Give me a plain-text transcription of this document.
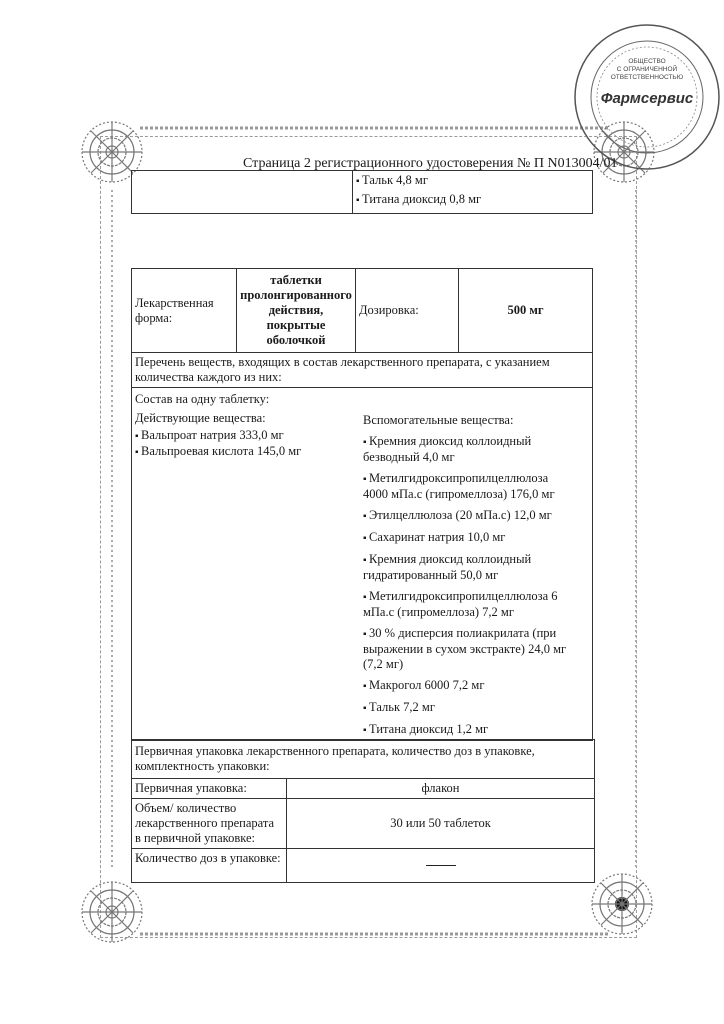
ОБЩЕСТВО
С ОГРАНИЧЕННОЙ
ОТВЕТСТВЕННОСТЬЮ
Фармсервис
Страница 2 регистрационного удостоверения № П N013004/01

▪ Тальк 4,8 мг
▪ Титана диоксид 0,8 мг
Лекарственная форма:	таблетки пролонгированного действия, покрытые оболочкой	Дозировка:	500 мг
Перечень веществ, входящих в состав лекарственного препарата, с указанием количества каждого из них:

Состав на одну таблетку:
Действующие вещества:
▪ Вальпроат натрия 333,0 мг
▪ Вальпроевая кислота 145,0 мг
Вспомогательные вещества:
▪ Кремния диоксид коллоидный безводный 4,0 мг
▪ Метилгидроксипропилцеллюлоза 4000 мПа.с (гипромеллоза) 176,0 мг
▪ Этилцеллюлоза (20 мПа.с) 12,0 мг
▪ Сахаринат натрия 10,0 мг
▪ Кремния диоксид коллоидный гидратированный 50,0 мг
▪ Метилгидроксипропилцеллюлоза 6 мПа.с (гипромеллоза) 7,2 мг
▪ 30 % дисперсия полиакрилата (при выражении в сухом экстракте) 24,0 мг (7,2 мг)
▪ Макрогол 6000 7,2 мг
▪ Тальк 7,2 мг
▪ Титана диоксид 1,2 мг
Первичная упаковка лекарственного препарата, количество доз в упаковке, комплектность упаковки:	
Первичная упаковка:	флакон
Объем/ количество лекарственного препарата в первичной упаковке:	30 или 50 таблеток
Количество доз в упаковке:	
